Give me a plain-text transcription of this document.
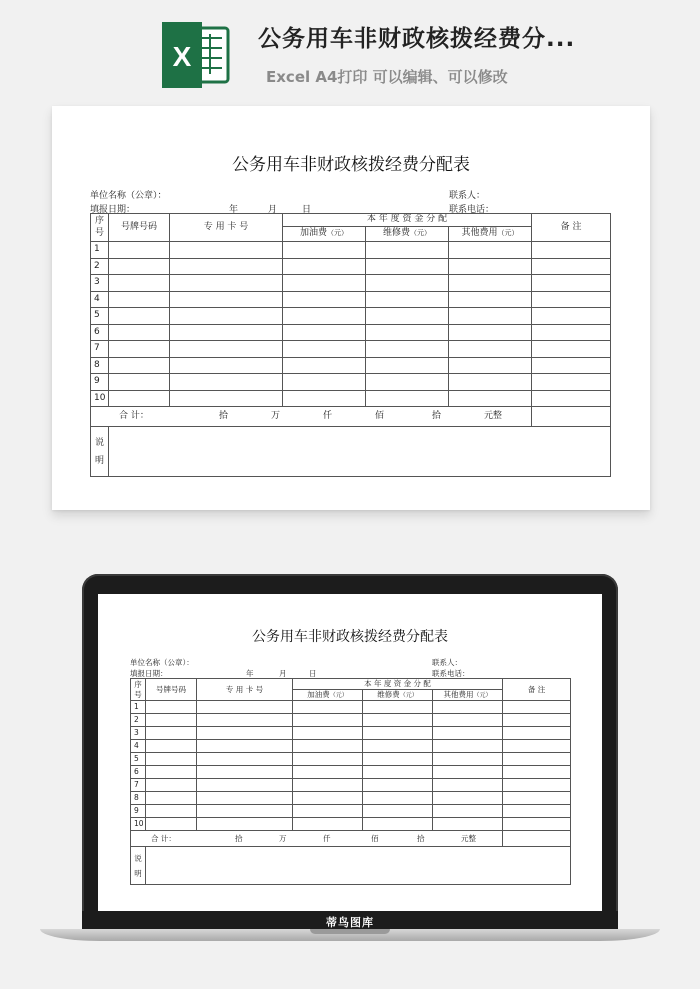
X
公务用车非财政核拨经费分...
Excel A4打印 可以编辑、可以修改
公务用车非财政核拨经费分配表
单位名称（公章）：
填报日期：	年	月	日
联系人：
联系电话：
序号	号牌号码	专 用 卡 号	本 年 度 资 金 分 配			备 注
			加油费（元）	维修费（元）	其他费用（元）	
1						
2						
3						
4						
5						
6						
7						
8						
9						
10						
合 计： 拾 万 仟 佰 拾 元整						
说明						
公务用车非财政核拨经费分配表
单位名称（公章）：
填报日期：	年	月	日
联系人：
联系电话：
序号	号牌号码	专 用 卡 号	本 年 度 资 金 分 配			备 注
			加油费（元）	维修费（元）	其他费用（元）	
1						
2						
3						
4						
5						
6						
7						
8						
9						
10						
合 计： 拾 万 仟 佰 拾 元整						
说明						
蒂鸟图库
